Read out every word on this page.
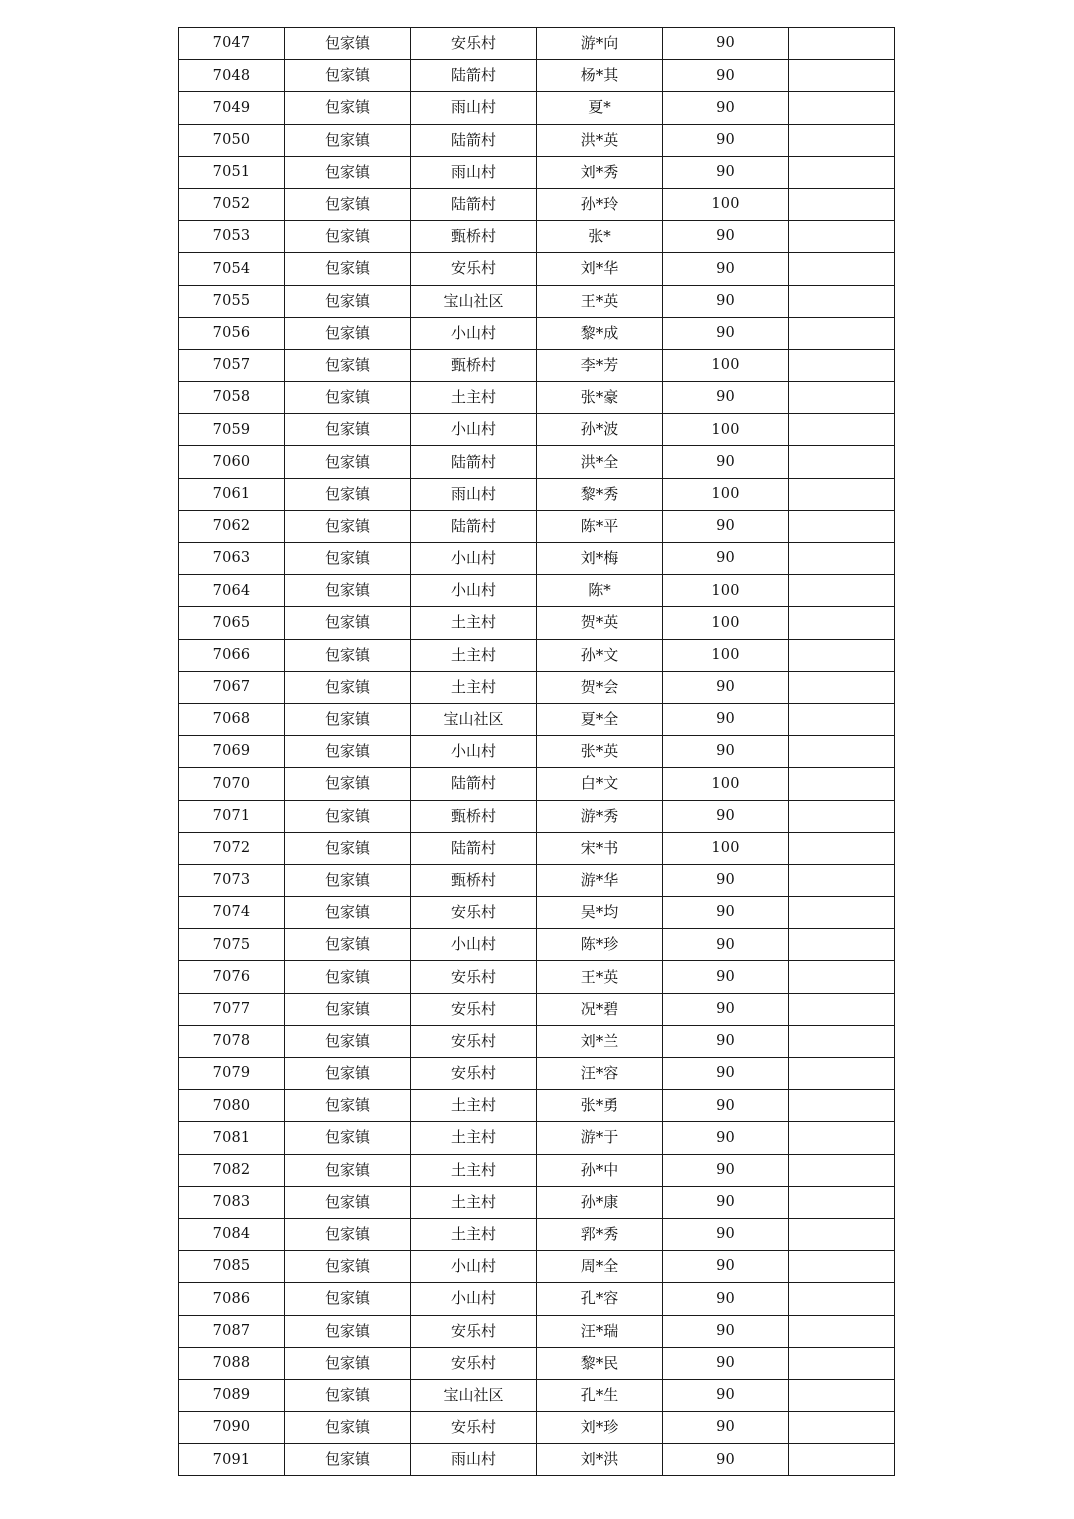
7047	包家镇	安乐村	游*向	90	
7048	包家镇	陆箭村	杨*其	90	
7049	包家镇	雨山村	夏*	90	
7050	包家镇	陆箭村	洪*英	90	
7051	包家镇	雨山村	刘*秀	90	
7052	包家镇	陆箭村	孙*玲	100	
7053	包家镇	甄桥村	张*	90	
7054	包家镇	安乐村	刘*华	90	
7055	包家镇	宝山社区	王*英	90	
7056	包家镇	小山村	黎*成	90	
7057	包家镇	甄桥村	李*芳	100	
7058	包家镇	土主村	张*豪	90	
7059	包家镇	小山村	孙*波	100	
7060	包家镇	陆箭村	洪*全	90	
7061	包家镇	雨山村	黎*秀	100	
7062	包家镇	陆箭村	陈*平	90	
7063	包家镇	小山村	刘*梅	90	
7064	包家镇	小山村	陈*	100	
7065	包家镇	土主村	贺*英	100	
7066	包家镇	土主村	孙*文	100	
7067	包家镇	土主村	贺*会	90	
7068	包家镇	宝山社区	夏*全	90	
7069	包家镇	小山村	张*英	90	
7070	包家镇	陆箭村	白*文	100	
7071	包家镇	甄桥村	游*秀	90	
7072	包家镇	陆箭村	宋*书	100	
7073	包家镇	甄桥村	游*华	90	
7074	包家镇	安乐村	吴*均	90	
7075	包家镇	小山村	陈*珍	90	
7076	包家镇	安乐村	王*英	90	
7077	包家镇	安乐村	况*碧	90	
7078	包家镇	安乐村	刘*兰	90	
7079	包家镇	安乐村	汪*容	90	
7080	包家镇	土主村	张*勇	90	
7081	包家镇	土主村	游*于	90	
7082	包家镇	土主村	孙*中	90	
7083	包家镇	土主村	孙*康	90	
7084	包家镇	土主村	郛*秀	90	
7085	包家镇	小山村	周*全	90	
7086	包家镇	小山村	孔*容	90	
7087	包家镇	安乐村	汪*瑞	90	
7088	包家镇	安乐村	黎*民	90	
7089	包家镇	宝山社区	孔*生	90	
7090	包家镇	安乐村	刘*珍	90	
7091	包家镇	雨山村	刘*洪	90	
